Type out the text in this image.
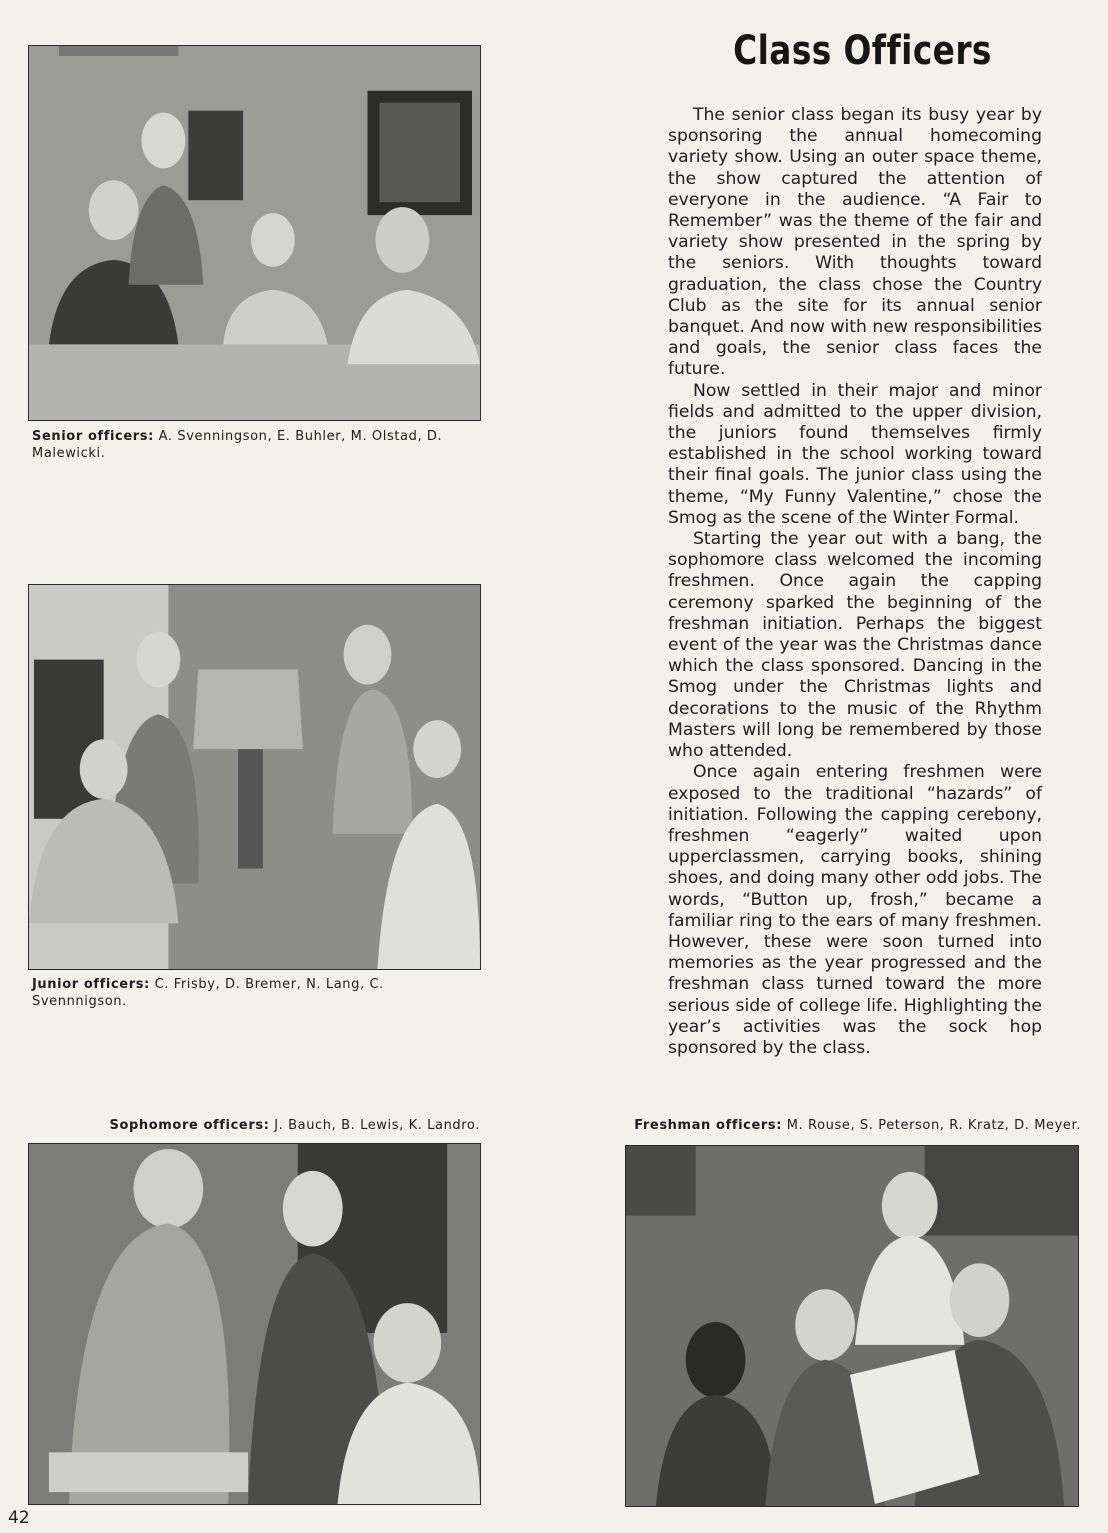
Senior officers: A. Svenningson, E. Buhler, M. Olstad, D. Malewicki.
Junior officers: C. Frisby, D. Bremer, N. Lang, C. Svennnigson.
Sophomore officers: J. Bauch, B. Lewis, K. Landro.	Freshman officers: M. Rouse, S. Peterson, R. Kratz, D. Meyer.
Class Officers

The senior class began its busy year by sponsoring the annual homecoming variety show. Using an outer space theme, the show captured the attention of everyone in the audience. “A Fair to Remember” was the theme of the fair and variety show presented in the spring by the seniors. With thoughts toward graduation, the class chose the Country Club as the site for its annual senior banquet. And now with new responsibilities and goals, the senior class faces the future.

Now settled in their major and minor fields and admitted to the upper division, the juniors found themselves firmly established in the school working toward their final goals. The junior class using the theme, “My Funny Valentine,” chose the Smog as the scene of the Winter Formal.

Starting the year out with a bang, the sophomore class welcomed the incoming freshmen. Once again the capping ceremony sparked the beginning of the freshman initiation. Perhaps the biggest event of the year was the Christmas dance which the class sponsored. Dancing in the Smog under the Christmas lights and decorations to the music of the Rhythm Masters will long be remembered by those who attended.

Once again entering freshmen were exposed to the traditional “hazards” of initiation. Following the capping cerebony, freshmen “eagerly” waited upon upperclassmen, carrying books, shining shoes, and doing many other odd jobs. The words, “Button up, frosh,” became a familiar ring to the ears of many freshmen. However, these were soon turned into memories as the year progressed and the freshman class turned toward the more serious side of college life. Highlighting the year’s activities was the sock hop sponsored by the class.

42
